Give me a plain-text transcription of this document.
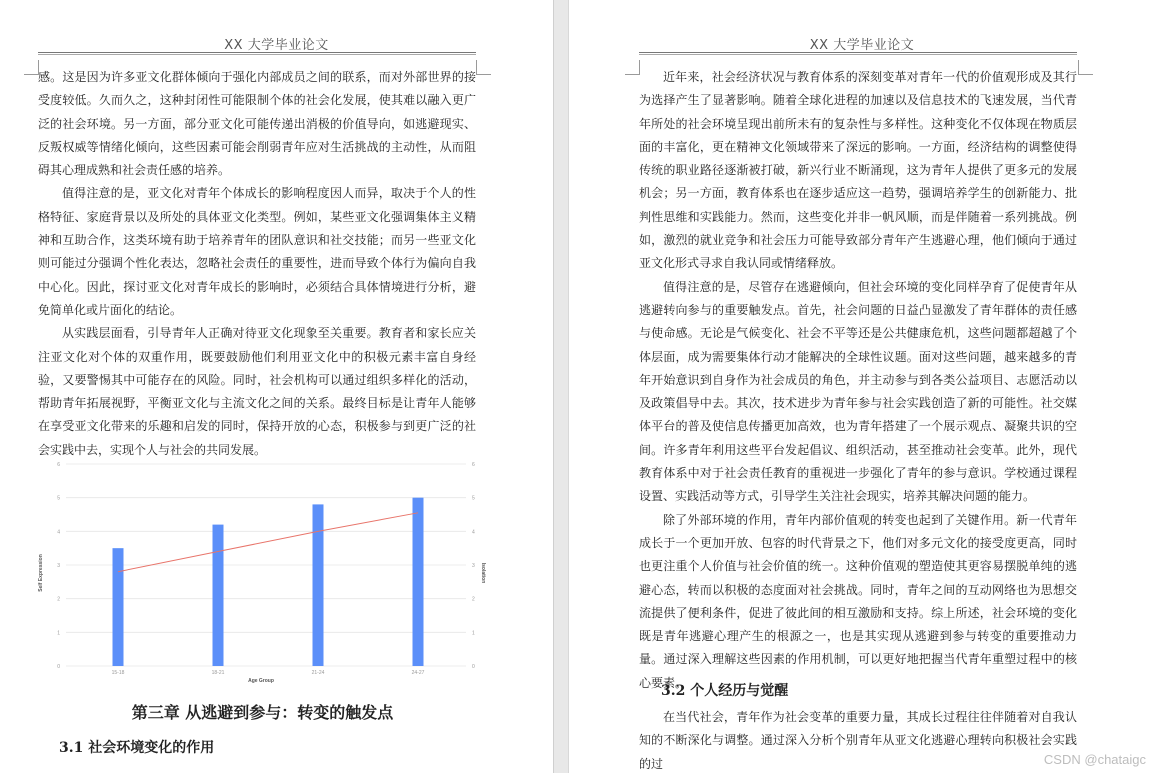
XX 大学毕业论文

感。这是因为许多亚文化群体倾向于强化内部成员之间的联系，而对外部世界的接受度较低。久而久之，这种封闭性可能限制个体的社会化发展，使其难以融入更广泛的社会环境。另一方面，部分亚文化可能传递出消极的价值导向，如逃避现实、反叛权威等情绪化倾向，这些因素可能会削弱青年应对生活挑战的主动性，从而阻碍其心理成熟和社会责任感的培养。

值得注意的是，亚文化对青年个体成长的影响程度因人而异，取决于个人的性格特征、家庭背景以及所处的具体亚文化类型。例如，某些亚文化强调集体主义精神和互助合作，这类环境有助于培养青年的团队意识和社交技能；而另一些亚文化则可能过分强调个性化表达，忽略社会责任的重要性，进而导致个体行为偏向自我中心化。因此，探讨亚文化对青年成长的影响时，必须结合具体情境进行分析，避免简单化或片面化的结论。

从实践层面看，引导青年人正确对待亚文化现象至关重要。教育者和家长应关注亚文化对个体的双重作用，既要鼓励他们利用亚文化中的积极元素丰富自身经验，又要警惕其中可能存在的风险。同时，社会机构可以通过组织多样化的活动，帮助青年拓展视野，平衡亚文化与主流文化之间的关系。最终目标是让青年人能够在享受亚文化带来的乐趣和启发的同时，保持开放的心态，积极参与到更广泛的社会实践中去，实现个人与社会的共同发展。

0	0
1	1
2	2
3	3
4	4
5	5
6	6
15-18	18-21	21-24	24-27
Age Group
Self Expression	Isolation
第三章 从逃避到参与：转变的触发点
3.1 社会环境变化的作用
XX 大学毕业论文

近年来，社会经济状况与教育体系的深刻变革对青年一代的价值观形成及其行为选择产生了显著影响。随着全球化进程的加速以及信息技术的飞速发展，当代青年所处的社会环境呈现出前所未有的复杂性与多样性。这种变化不仅体现在物质层面的丰富化，更在精神文化领域带来了深远的影响。一方面，经济结构的调整使得传统的职业路径逐渐被打破，新兴行业不断涌现，这为青年人提供了更多元的发展机会；另一方面，教育体系也在逐步适应这一趋势，强调培养学生的创新能力、批判性思维和实践能力。然而，这些变化并非一帆风顺，而是伴随着一系列挑战。例如，激烈的就业竞争和社会压力可能导致部分青年产生逃避心理，他们倾向于通过亚文化形式寻求自我认同或情绪释放。

值得注意的是，尽管存在逃避倾向，但社会环境的变化同样孕育了促使青年从逃避转向参与的重要触发点。首先，社会问题的日益凸显激发了青年群体的责任感与使命感。无论是气候变化、社会不平等还是公共健康危机，这些问题都超越了个体层面，成为需要集体行动才能解决的全球性议题。面对这些问题，越来越多的青年开始意识到自身作为社会成员的角色，并主动参与到各类公益项目、志愿活动以及政策倡导中去。其次，技术进步为青年参与社会实践创造了新的可能性。社交媒体平台的普及使信息传播更加高效，也为青年搭建了一个展示观点、凝聚共识的空间。许多青年利用这些平台发起倡议、组织活动，甚至推动社会变革。此外，现代教育体系中对于社会责任教育的重视进一步强化了青年的参与意识。学校通过课程设置、实践活动等方式，引导学生关注社会现实，培养其解决问题的能力。

除了外部环境的作用，青年内部价值观的转变也起到了关键作用。新一代青年成长于一个更加开放、包容的时代背景之下，他们对多元文化的接受度更高，同时也更注重个人价值与社会价值的统一。这种价值观的塑造使其更容易摆脱单纯的逃避心态，转而以积极的态度面对社会挑战。同时，青年之间的互动网络也为思想交流提供了便利条件，促进了彼此间的相互激励和支持。综上所述，社会环境的变化既是青年逃避心理产生的根源之一，也是其实现从逃避到参与转变的重要推动力量。通过深入理解这些因素的作用机制，可以更好地把握当代青年重塑过程中的核心要素。

3.2 个人经历与觉醒

在当代社会，青年作为社会变革的重要力量，其成长过程往往伴随着对自我认知的不断深化与调整。通过深入分析个别青年从亚文化逃避心理转向积极社会实践的过	CSDN @chataigc
